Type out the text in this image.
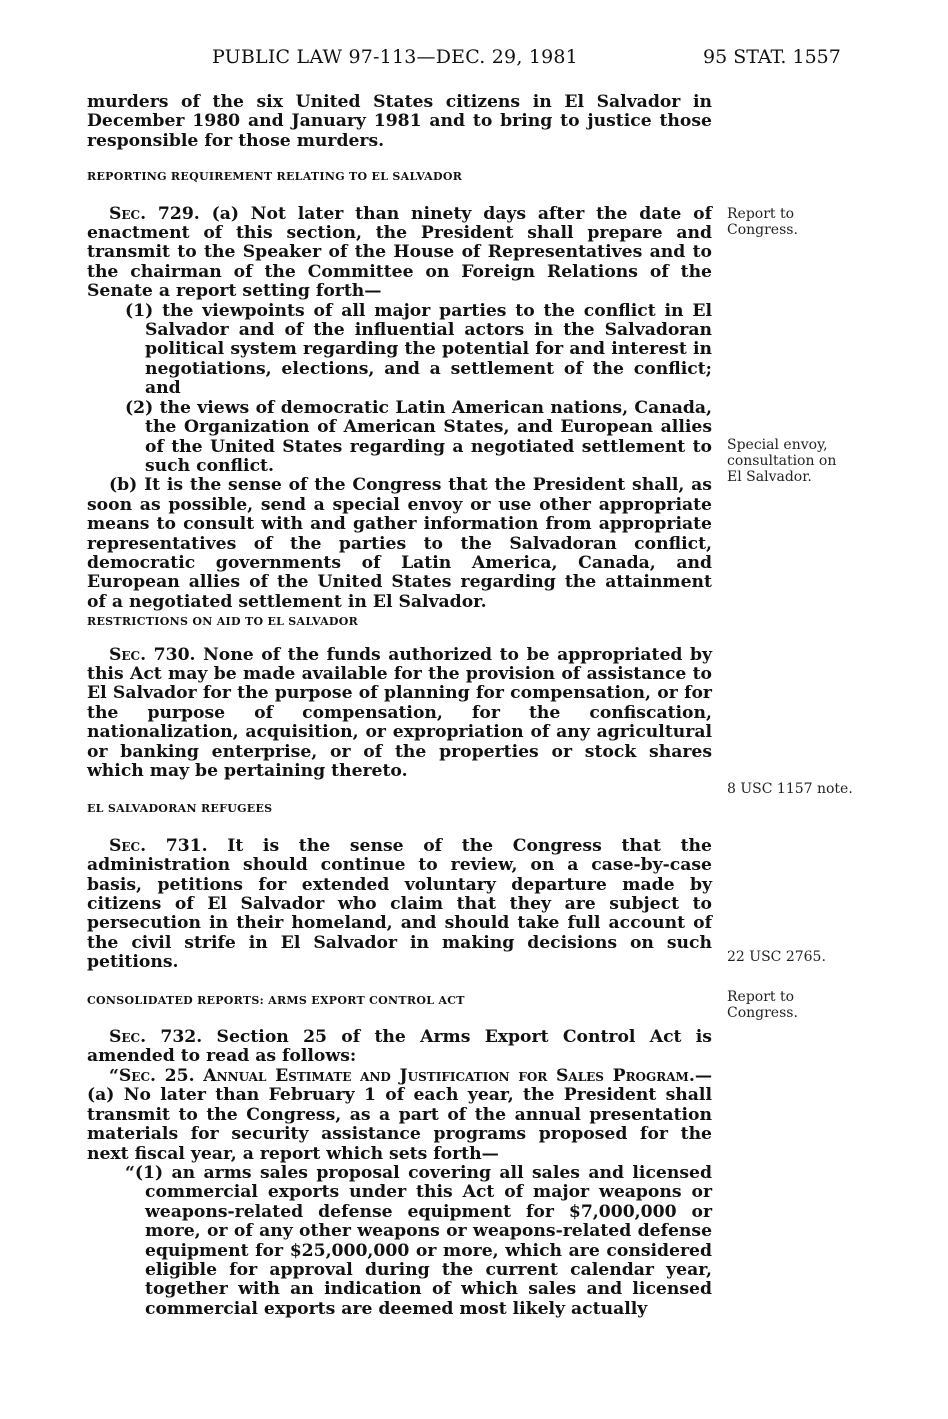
PUBLIC LAW 97-113—DEC. 29, 1981	95 STAT. 1557

murders of the six United States citizens in El Salvador in December 1980 and January 1981 and to bring to justice those responsible for those murders.

REPORTING REQUIREMENT RELATING TO EL SALVADOR

Sec. 729. (a) Not later than ninety days after the date of enactment of this section, the President shall prepare and transmit to the Speaker of the House of Representatives and to the chairman of the Committee on Foreign Relations of the Senate a report setting forth—

(1) the viewpoints of all major parties to the conflict in El Salvador and of the influential actors in the Salvadoran political system regarding the potential for and interest in negotiations, elections, and a settlement of the conflict; and

(2) the views of democratic Latin American nations, Canada, the Organization of American States, and European allies of the United States regarding a negotiated settlement to such conflict.

(b) It is the sense of the Congress that the President shall, as soon as possible, send a special envoy or use other appropriate means to consult with and gather information from appropriate representatives of the parties to the Salvadoran conflict, democratic governments of Latin America, Canada, and European allies of the United States regarding the attainment of a negotiated settlement in El Salvador.

RESTRICTIONS ON AID TO EL SALVADOR

Sec. 730. None of the funds authorized to be appropriated by this Act may be made available for the provision of assistance to El Salvador for the purpose of planning for compensation, or for the purpose of compensation, for the confiscation, nationalization, acquisition, or expropriation of any agricultural or banking enterprise, or of the properties or stock shares which may be pertaining thereto.

EL SALVADORAN REFUGEES

Sec. 731. It is the sense of the Congress that the administration should continue to review, on a case-by-case basis, petitions for extended voluntary departure made by citizens of El Salvador who claim that they are subject to persecution in their homeland, and should take full account of the civil strife in El Salvador in making decisions on such petitions.

CONSOLIDATED REPORTS: ARMS EXPORT CONTROL ACT

Sec. 732. Section 25 of the Arms Export Control Act is amended to read as follows:

“Sec. 25. Annual Estimate and Justification for Sales Program.—(a) No later than February 1 of each year, the President shall transmit to the Congress, as a part of the annual presentation materials for security assistance programs proposed for the next fiscal year, a report which sets forth—

“(1) an arms sales proposal covering all sales and licensed commercial exports under this Act of major weapons or weapons-related defense equipment for $7,000,000 or more, or of any other weapons or weapons-related defense equipment for $25,000,000 or more, which are considered eligible for approval during the current calendar year, together with an indication of which sales and licensed commercial exports are deemed most likely actually

Report to Congress.
Special envoy, consultation on El Salvador.
8 USC 1157 note.
22 USC 2765.
Report to Congress.
